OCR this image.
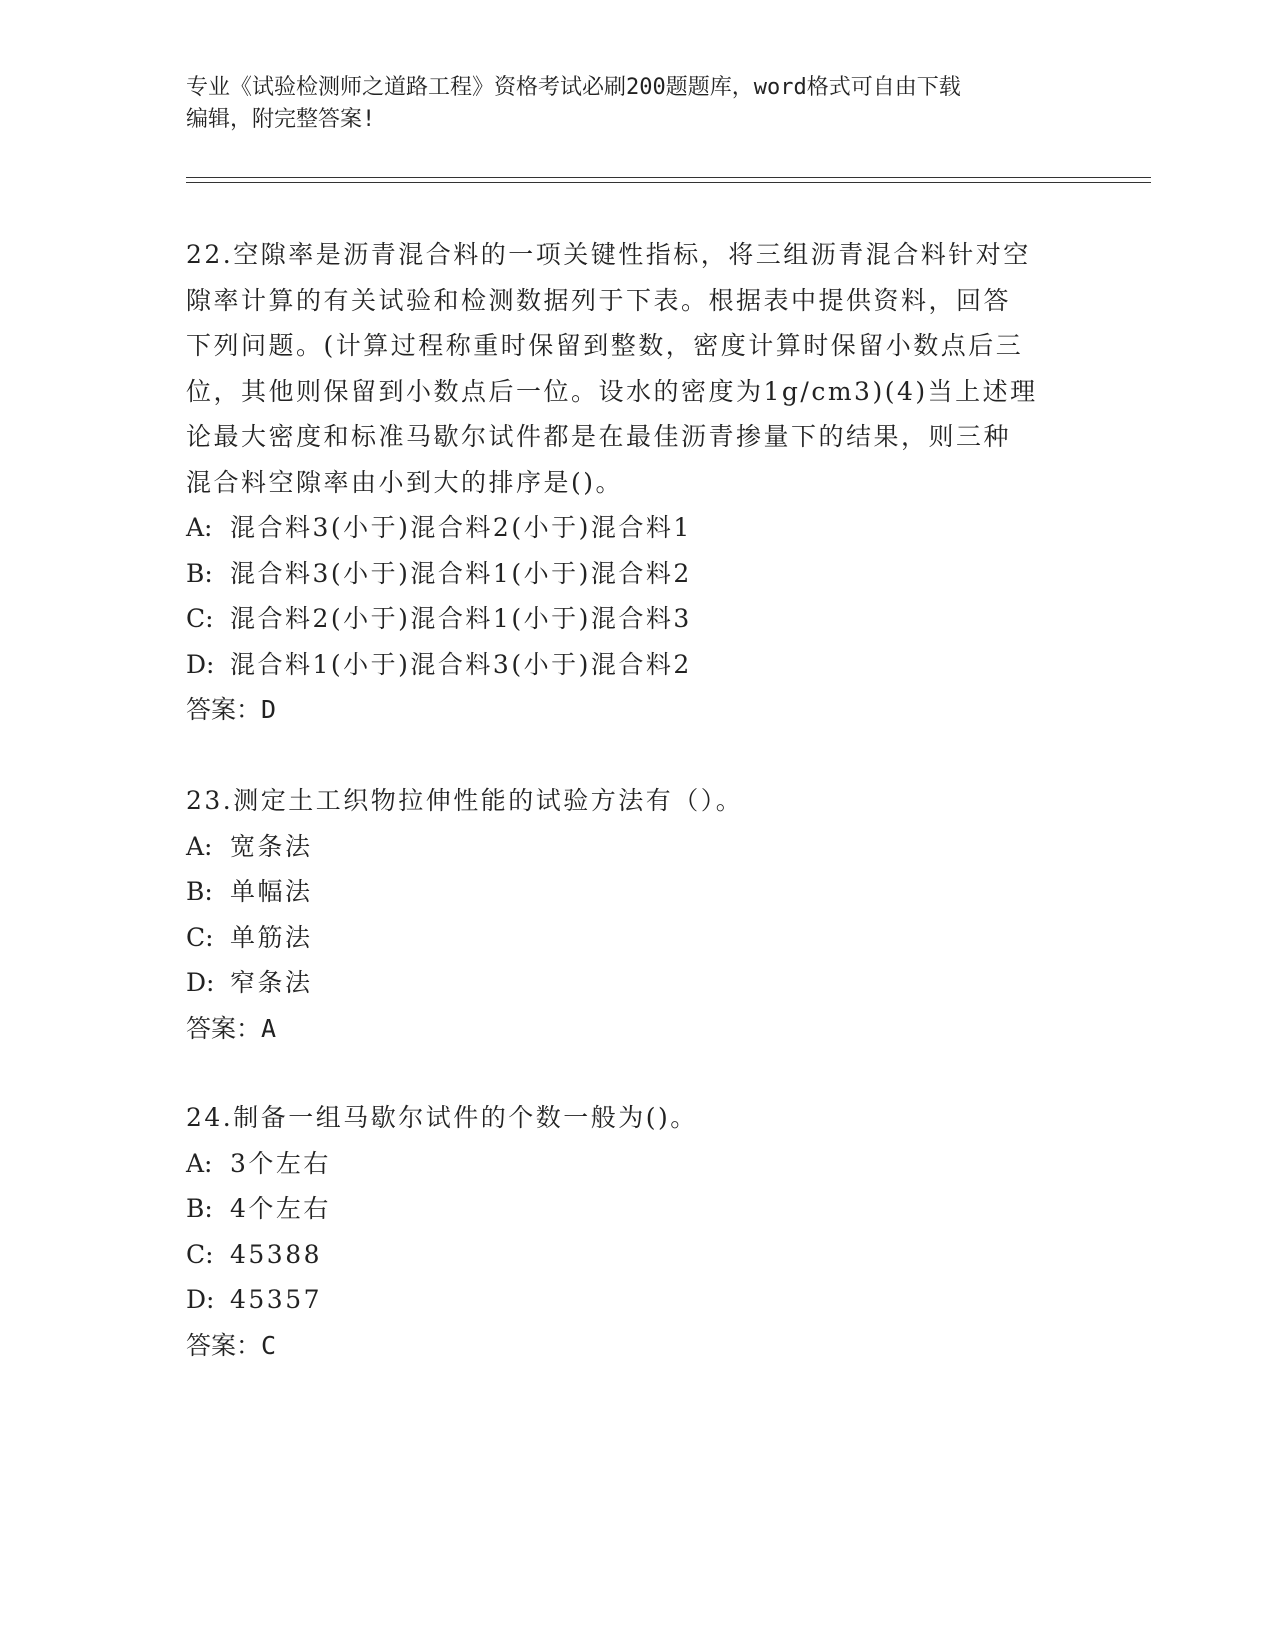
专业《试验检测师之道路工程》资格考试必刷200题题库，word格式可自由下载
编辑，附完整答案!
22.空隙率是沥青混合料的一项关键性指标，将三组沥青混合料针对空
隙率计算的有关试验和检测数据列于下表。根据表中提供资料，回答
下列问题。(计算过程称重时保留到整数，密度计算时保留小数点后三
位，其他则保留到小数点后一位。设水的密度为1g/cm3)(4)当上述理
论最大密度和标准马歇尔试件都是在最佳沥青掺量下的结果，则三种
混合料空隙率由小到大的排序是()。
A: 混合料3(小于)混合料2(小于)混合料1
B: 混合料3(小于)混合料1(小于)混合料2
C: 混合料2(小于)混合料1(小于)混合料3
D: 混合料1(小于)混合料3(小于)混合料2
答案：D
23.测定土工织物拉伸性能的试验方法有（）。
A: 宽条法
B: 单幅法
C: 单筋法
D: 窄条法
答案：A
24.制备一组马歇尔试件的个数一般为()。
A: 3个左右
B: 4个左右
C: 45388
D: 45357
答案：C
